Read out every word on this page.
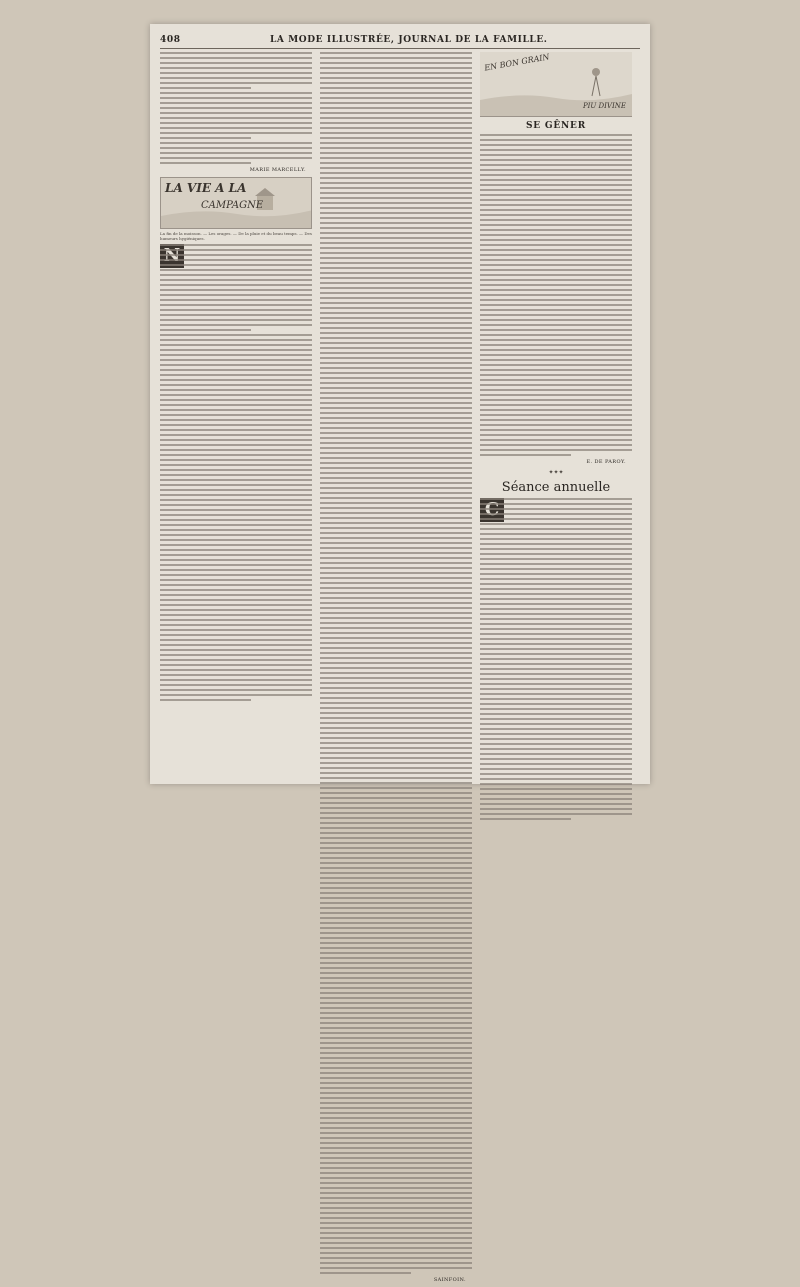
408	LA MODE ILLUSTRÉE, JOURNAL DE LA FAMILLE.
MARIE MARCELLY.
LA VIE A LA
CAMPAGNE
La fin de la moisson. — Les orages. — De la pluie et du beau temps. — Des humeurs hygiéniques.
SAINFOIN.
EN BON GRAIN
PIU DIVINE
SE GÊNER
E. DE PAROY.
✦✦✦
Séance annuelle
